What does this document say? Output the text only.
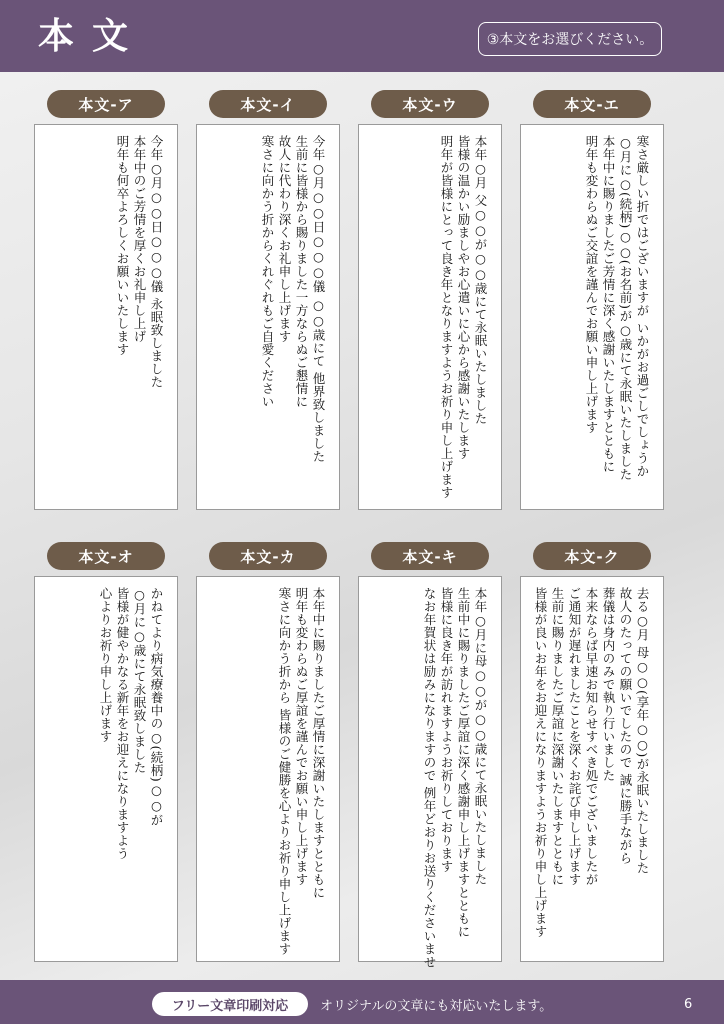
本文	③本文をお選びください。
本文-ア
今年○月○○日○○○儀 永眠致しました
本年中のご芳情を厚くお礼申し上げ
明年も何卒よろしくお願いいたします
本文-イ
今年○月○○日○○○儀 ○○歳にて 他界致しました
生前に皆様から賜りました一方ならぬご懇情に
故人に代わり深くお礼申し上げます
寒さに向かう折からくれぐれもご自愛ください
本文-ウ
本年○月 父○○が○○歳にて永眠いたしました
皆様の温かい励ましやお心遣いに心から感謝いたします
明年が皆様にとって良き年となりますようお祈り申し上げます
本文-エ
寒さ厳しい折ではございますが いかがお過ごしでしょうか
○月に○(続柄)○○(お名前)が○歳にて永眠いたしました
本年中に賜りましたご芳情に深く感謝いたしますとともに
明年も変わらぬご交誼を謹んでお願い申し上げます
本文-オ
かねてより病気療養中の○(続柄)○○が
○月に○歳にて永眠致しました
皆様が健やかなる新年をお迎えになりますよう
心よりお祈り申し上げます
本文-カ
本年中に賜りましたご厚情に深謝いたしますとともに
明年も変わらぬご厚誼を謹んでお願い申し上げます
寒さに向かう折から 皆様のご健勝を心よりお祈り申し上げます
本文-キ
本年○月に母○○が○○歳にて永眠いたしました
生前中に賜りましたご厚誼に深く感謝申し上げますとともに
皆様に良き年が訪れますようお祈りしております
なお年賀状は励みになりますので 例年どおりお送りくださいませ
本文-ク
去る○月 母○○(享年○○)が永眠いたしました
故人のたっての願いでしたので 誠に勝手ながら
葬儀は身内のみで執り行いました
本来ならば早速お知らせすべき処でございましたが
ご通知が遅れましたことを深くお詫び申し上げます
生前に賜りましたご厚誼に深謝いたしますとともに
皆様が良いお年をお迎えになりますようお祈り申し上げます
フリー文章印刷対応	オリジナルの文章にも対応いたします。	6
